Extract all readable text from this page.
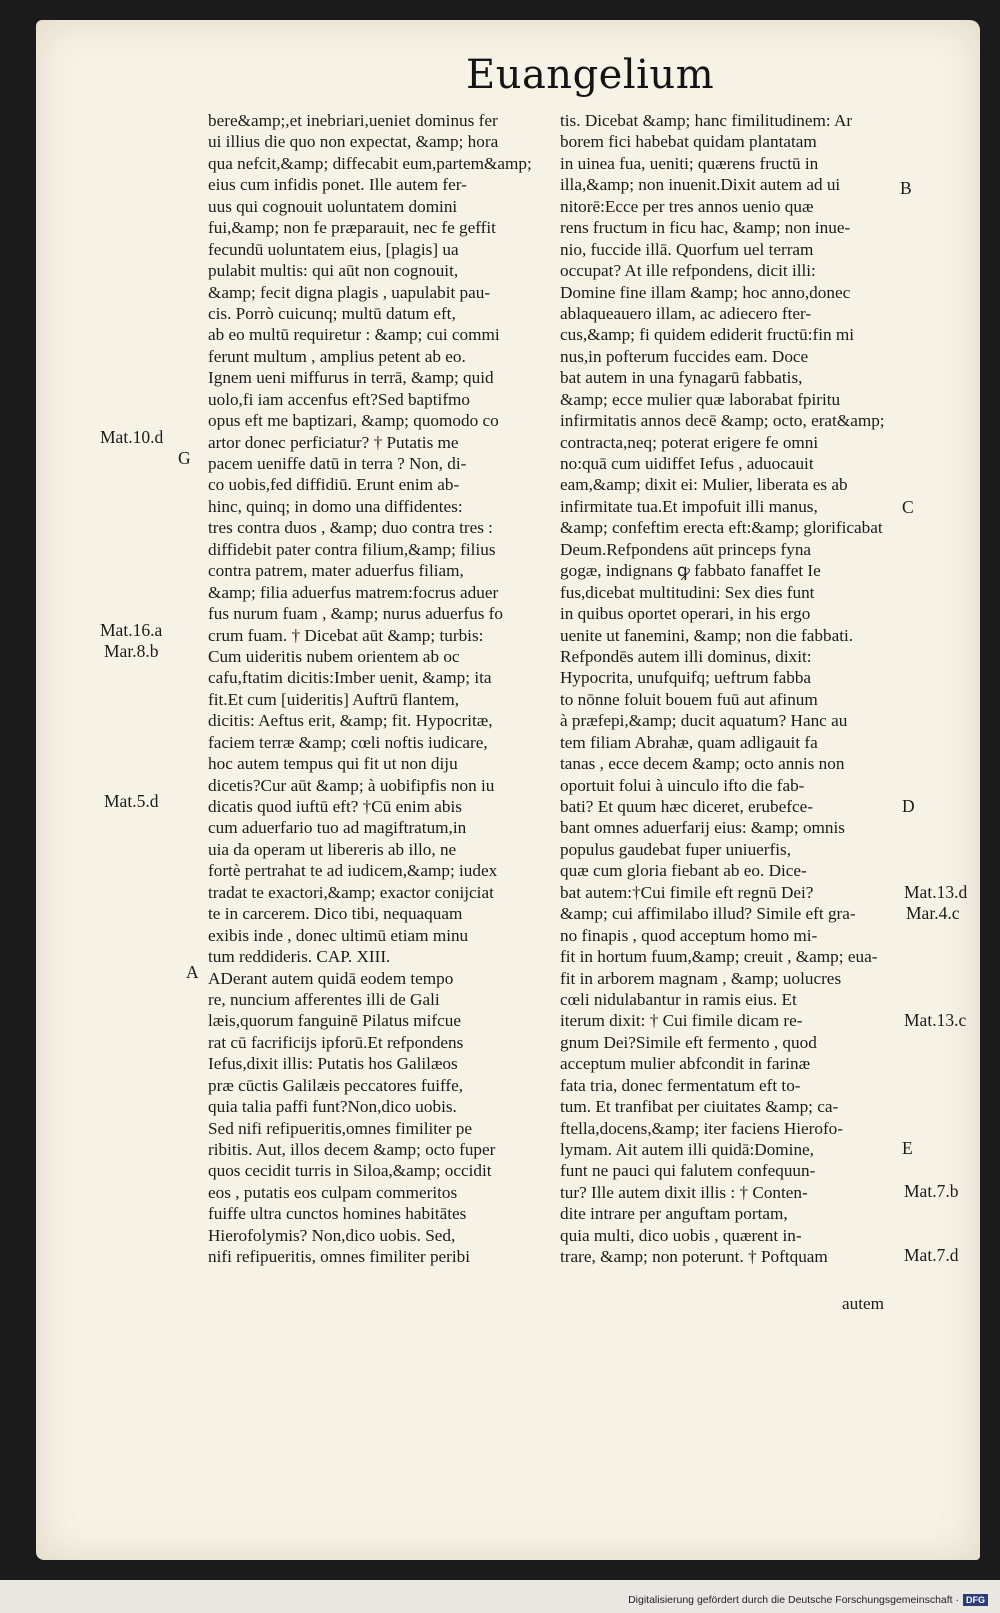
Euangelium
bere&amp;,et inebriari,ueniet dominus fer
ui illius die quo non expectat, &amp; hora
qua nefcit,&amp; diffecabit eum,partem&amp;
eius cum infidis ponet. Ille autem fer-
uus qui cognouit uoluntatem domini
fui,&amp; non fe præparauit, nec fe geffit
fecundū uoluntatem eius, [plagis] ua
pulabit multis: qui aūt non cognouit,
&amp; fecit digna plagis , uapulabit pau-
cis. Porrò cuicunq; multū datum eft,
ab eo multū requiretur : &amp; cui commi
ferunt multum , amplius petent ab eo.
Ignem ueni miffurus in terrā, &amp; quid
uolo,fi iam accenfus eft?Sed baptifmo
opus eft me baptizari, &amp; quomodo co
artor donec perficiatur? † Putatis me
pacem ueniffe datū in terra ? Non, di-
co uobis,fed diffidiū. Erunt enim ab-
hinc, quinq; in domo una diffidentes:
tres contra duos , &amp; duo contra tres :
diffidebit pater contra filium,&amp; filius
contra patrem, mater aduerfus filiam,
&amp; filia aduerfus matrem:focrus aduer
fus nurum fuam , &amp; nurus aduerfus fo
crum fuam. † Dicebat aūt &amp; turbis:
Cum uideritis nubem orientem ab oc
cafu,ftatim dicitis:Imber uenit, &amp; ita
fit.Et cum [uideritis] Auftrū flantem,
dicitis: Aeftus erit, &amp; fit. Hypocritæ,
faciem terræ &amp; cœli noftis iudicare,
hoc autem tempus qui fit ut non diju
dicetis?Cur aūt &amp; à uobifipfis non iu
dicatis quod iuftū eft? †Cū enim abis
cum aduerfario tuo ad magiftratum,in
uia da operam ut libereris ab illo, ne
fortè pertrahat te ad iudicem,&amp; iudex
tradat te exactori,&amp; exactor conijciat
te in carcerem. Dico tibi, nequaquam
exibis inde , donec ultimū etiam minu
tum reddideris. CAP. XIII.
ADerant autem quidā eodem tempo
re, nuncium afferentes illi de Gali
læis,quorum fanguinē Pilatus mifcue
rat cū facrificijs ipforū.Et refpondens
Iefus,dixit illis: Putatis hos Galilæos
præ cūctis Galilæis peccatores fuiffe,
quia talia paffi funt?Non,dico uobis.
Sed nifi refipueritis,omnes fimiliter pe
ribitis. Aut, illos decem &amp; octo fuper
quos cecidit turris in Siloa,&amp; occidit
eos , putatis eos culpam commeritos
fuiffe ultra cunctos homines habitātes
Hierofolymis? Non,dico uobis. Sed,
nifi refipueritis, omnes fimiliter peribi
tis. Dicebat &amp; hanc fimilitudinem: Ar
borem fici habebat quidam plantatam
in uinea fua, ueniti; quærens fructū in
illa,&amp; non inuenit.Dixit autem ad ui
nitorē:Ecce per tres annos uenio quæ
rens fructum in ficu hac, &amp; non inue-
nio, fuccide illā. Quorfum uel terram
occupat? At ille refpondens, dicit illi:
Domine fine illam &amp; hoc anno,donec
ablaqueauero illam, ac adiecero fter-
cus,&amp; fi quidem ediderit fructū:fin mi
nus,in pofterum fuccides eam. Doce
bat autem in una fynagarū fabbatis,
&amp; ecce mulier quæ laborabat fpiritu
infirmitatis annos decē &amp; octo, erat&amp;
contracta,neq; poterat erigere fe omni
no:quā cum uidiffet Iefus , aduocauit
eam,&amp; dixit ei: Mulier, liberata es ab
infirmitate tua.Et impofuit illi manus,
&amp; confeftim erecta eft:&amp; glorificabat
Deum.Refpondens aūt princeps fyna
gogæ, indignans ꝙ fabbato fanaffet Ie
fus,dicebat multitudini: Sex dies funt
in quibus oportet operari, in his ergo
uenite ut fanemini, &amp; non die fabbati.
Refpondēs autem illi dominus, dixit:
Hypocrita, unufquifq; ueftrum fabba
to nōnne foluit bouem fuū aut afinum
à præfepi,&amp; ducit aquatum? Hanc au
tem filiam Abrahæ, quam adligauit fa
tanas , ecce decem &amp; octo annis non
oportuit folui à uinculo ifto die fab-
bati? Et quum hæc diceret, erubefce-
bant omnes aduerfarij eius: &amp; omnis
populus gaudebat fuper uniuerfis,
quæ cum gloria fiebant ab eo. Dice-
bat autem:†Cui fimile eft regnū Dei?
&amp; cui affimilabo illud? Simile eft gra-
no finapis , quod acceptum homo mi-
fit in hortum fuum,&amp; creuit , &amp; eua-
fit in arborem magnam , &amp; uolucres
cœli nidulabantur in ramis eius. Et
iterum dixit: † Cui fimile dicam re-
gnum Dei?Simile eft fermento , quod
acceptum mulier abfcondit in farinæ
fata tria, donec fermentatum eft to-
tum. Et tranfibat per ciuitates &amp; ca-
ftella,docens,&amp; iter faciens Hierofo-
lymam. Ait autem illi quidā:Domine,
funt ne pauci qui falutem confequun-
tur? Ille autem dixit illis : † Conten-
dite intrare per anguftam portam,
quia multi, dico uobis , quærent in-
trare, &amp; non poterunt. † Poftquam
Mat.10.d
G
Mat.16.a
Mar.8.b
Mat.5.d
A
B
C
D
Mat.13.d
Mar.4.c
Mat.13.c
E
Mat.7.b
Mat.7.d
autem
Digitalisierung gefördert durch die Deutsche Forschungsgemeinschaft · DFG
